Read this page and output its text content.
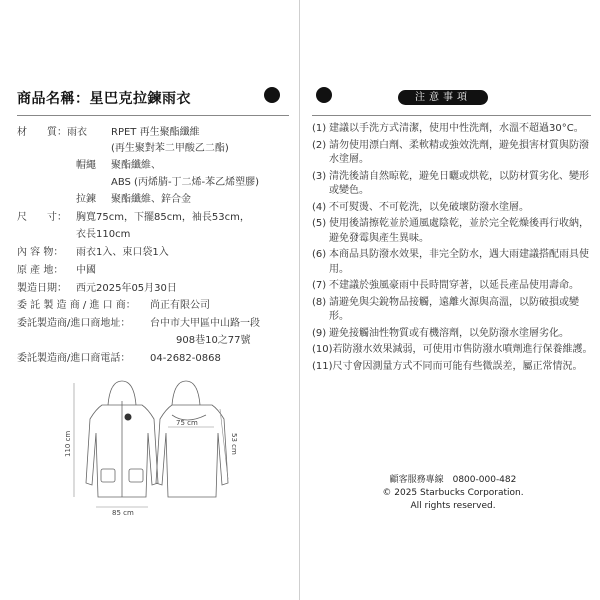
商品名稱：星巴克拉鍊雨衣
材　　質：雨衣 RPET 再生聚酯纖維
(再生聚對苯二甲酸乙二酯)
帽繩 聚酯纖維、
ABS (丙烯腈-丁二烯-苯乙烯塑膠)
拉鍊 聚酯纖維、鋅合金
尺　　寸： 胸寬75cm，下擺85cm，袖長53cm，
衣長110cm
內 容 物： 雨衣1入、束口袋1入
原 產 地： 中國
製造日期： 西元2025年05月30日
委 託 製 造 商 / 進 口 商： 尚正有限公司
委託製造商/進口商地址： 台中市大甲區中山路一段
908巷10之77號
委託製造商/進口商電話： 04-2682-0868
110 cm
85 cm
75 cm
53 cm
注意事項
(1) 建議以手洗方式清潔，使用中性洗劑，水溫不超過30°C。
(2) 請勿使用漂白劑、柔軟精或強效洗劑，避免損害材質與防潑水塗層。
(3) 清洗後請自然晾乾，避免日曬或烘乾，以防材質劣化、變形或變色。
(4) 不可熨燙、不可乾洗，以免破壞防潑水塗層。
(5) 使用後請擦乾並於通風處陰乾，並於完全乾燥後再行收納，避免發霉與產生異味。
(6) 本商品具防潑水效果，非完全防水，遇大雨建議搭配雨具使用。
(7) 不建議於強風豪雨中長時間穿著，以延長產品使用壽命。
(8) 請避免與尖銳物品接觸，遠離火源與高溫，以防破損或變形。
(9) 避免接觸油性物質或有機溶劑，以免防潑水塗層劣化。
(10) 若防潑水效果減弱，可使用市售防潑水噴劑進行保養維護。
(11) 尺寸會因測量方式不同而可能有些微誤差，屬正常情況。
顧客服務專線　0800-000-482
© 2025 Starbucks Corporation.
All rights reserved.
